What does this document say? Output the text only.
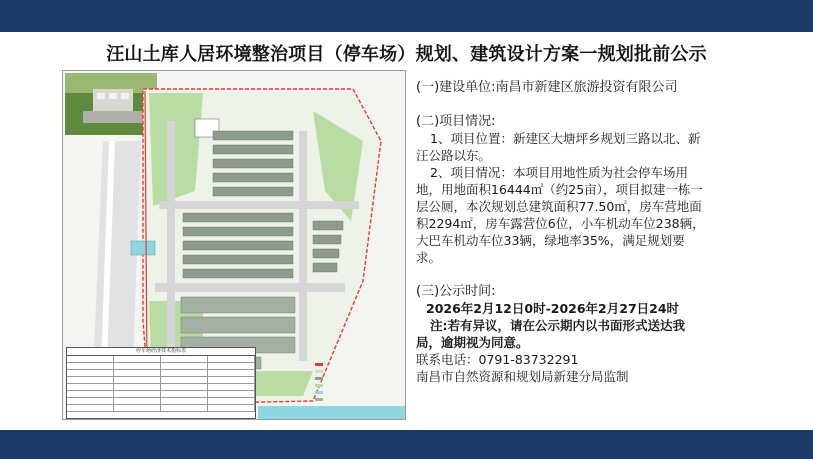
汪山土库人居环境整治项目（停车场）规划、建筑设计方案一规划批前公示
停车场经济技术指标表

(一)建设单位:南昌市新建区旅游投资有限公司

(二)项目情况:

1、项目位置：新建区大塘坪乡规划三路以北、新汪公路以东。

2、项目情况：本项目用地性质为社会停车场用地，用地面积16444㎡（约25亩），项目拟建一栋一层公厕，本次规划总建筑面积77.50㎡，房车营地面积2294㎡，房车露营位6位，小车机动车位238辆，大巴车机动车位33辆，绿地率35%，满足规划要求。

(三)公示时间:

2026年2月12日0时-2026年2月27日24时

注:若有异议，请在公示期内以书面形式送达我局，逾期视为同意。

联系电话：0791-83732291

南昌市自然资源和规划局新建分局监制
